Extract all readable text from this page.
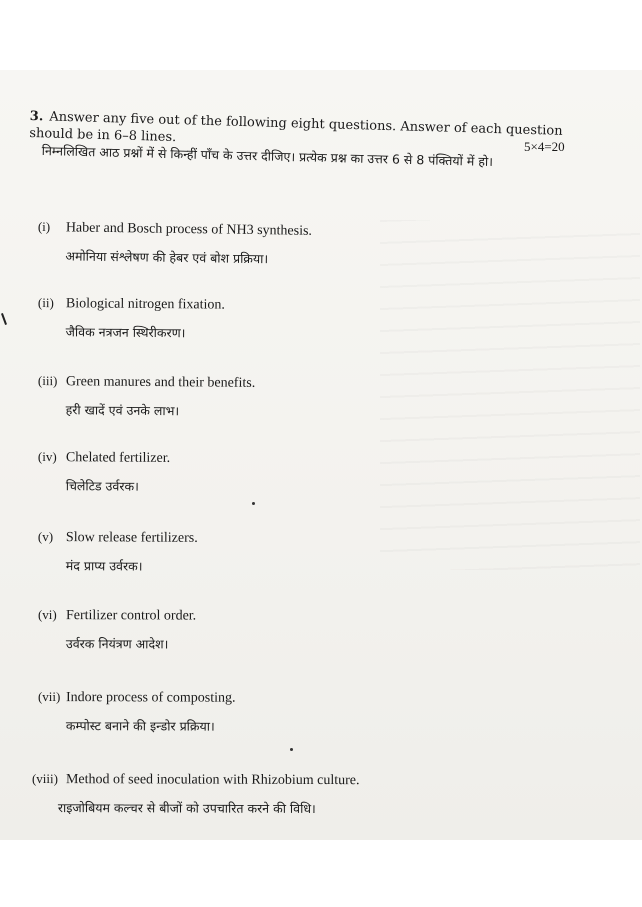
3. Answer any five out of the following eight questions. Answer of each question should be in 6–8 lines.
5×4=20
निम्नलिखित आठ प्रश्नों में से किन्हीं पाँच के उत्तर दीजिए। प्रत्येक प्रश्न का उत्तर 6 से 8 पंक्तियों में हो।
(i) Haber and Bosch process of NH3 synthesis.
अमोनिया संश्लेषण की हेबर एवं बोश प्रक्रिया।
(ii) Biological nitrogen fixation.
जैविक नत्रजन स्थिरीकरण।
(iii) Green manures and their benefits.
हरी खादें एवं उनके लाभ।
(iv) Chelated fertilizer.
चिलेटिड उर्वरक।
(v) Slow release fertilizers.
मंद प्राप्य उर्वरक।
(vi) Fertilizer control order.
उर्वरक नियंत्रण आदेश।
(vii) Indore process of composting.
कम्पोस्ट बनाने की इन्डोर प्रक्रिया।
(viii) Method of seed inoculation with Rhizobium culture.
राइजोबियम कल्चर से बीजों को उपचारित करने की विधि।
